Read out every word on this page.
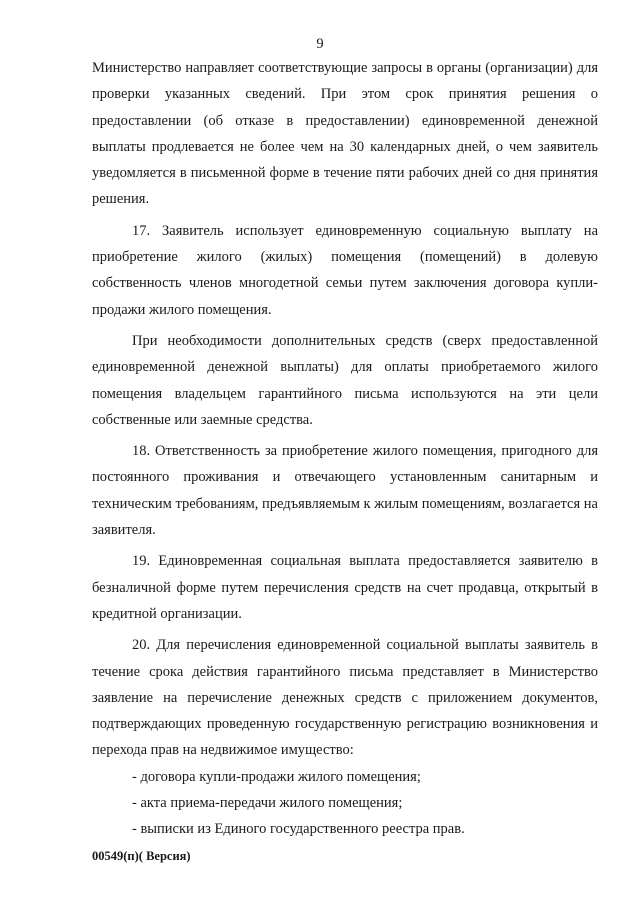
9

Министерство направляет соответствующие запросы в органы (организации) для проверки указанных сведений. При этом срок принятия решения о предоставлении (об отказе в предоставлении) единовременной денежной выплаты продлевается не более чем на 30 календарных дней, о чем заявитель уведомляется в письменной форме в течение пяти рабочих дней со дня принятия решения.

17. Заявитель использует единовременную социальную выплату на приобретение жилого (жилых) помещения (помещений) в долевую собственность членов многодетной семьи путем заключения договора купли-продажи жилого помещения.

При необходимости дополнительных средств (сверх предоставленной единовременной денежной выплаты) для оплаты приобретаемого жилого помещения владельцем гарантийного письма используются на эти цели собственные или заемные средства.

18. Ответственность за приобретение жилого помещения, пригодного для постоянного проживания и отвечающего установленным санитарным и техническим требованиям, предъявляемым к жилым помещениям, возлагается на заявителя.

19. Единовременная социальная выплата предоставляется заявителю в безналичной форме путем перечисления средств на счет продавца, открытый в кредитной организации.

20. Для перечисления единовременной социальной выплаты заявитель в течение срока действия гарантийного письма представляет в Министерство заявление на перечисление денежных средств с приложением документов, подтверждающих проведенную государственную регистрацию возникновения и перехода прав на недвижимое имущество:

- договора купли-продажи жилого помещения;

- акта приема-передачи жилого помещения;

- выписки из Единого государственного реестра прав.

00549(п)( Версия)
